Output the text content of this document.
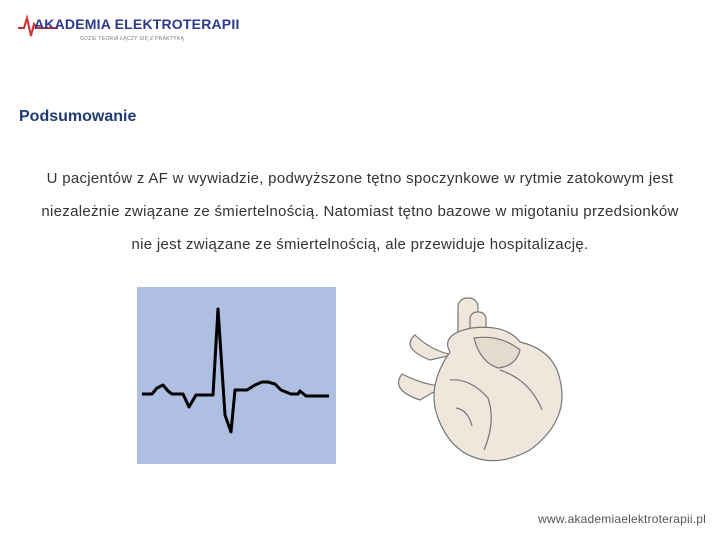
AKADEMIA ELEKTROTERAPII
GDZIE TEORIA ŁĄCZY SIĘ Z PRAKTYKĄ
Podsumowanie
U pacjentów z AF w wywiadzie, podwyższone tętno spoczynkowe w rytmie zatokowym jest niezależnie związane ze śmiertelnością. Natomiast tętno bazowe w migotaniu przedsionków nie jest związane ze śmiertelnością, ale przewiduje hospitalizację.
www.akademiaelektroterapii.pl
